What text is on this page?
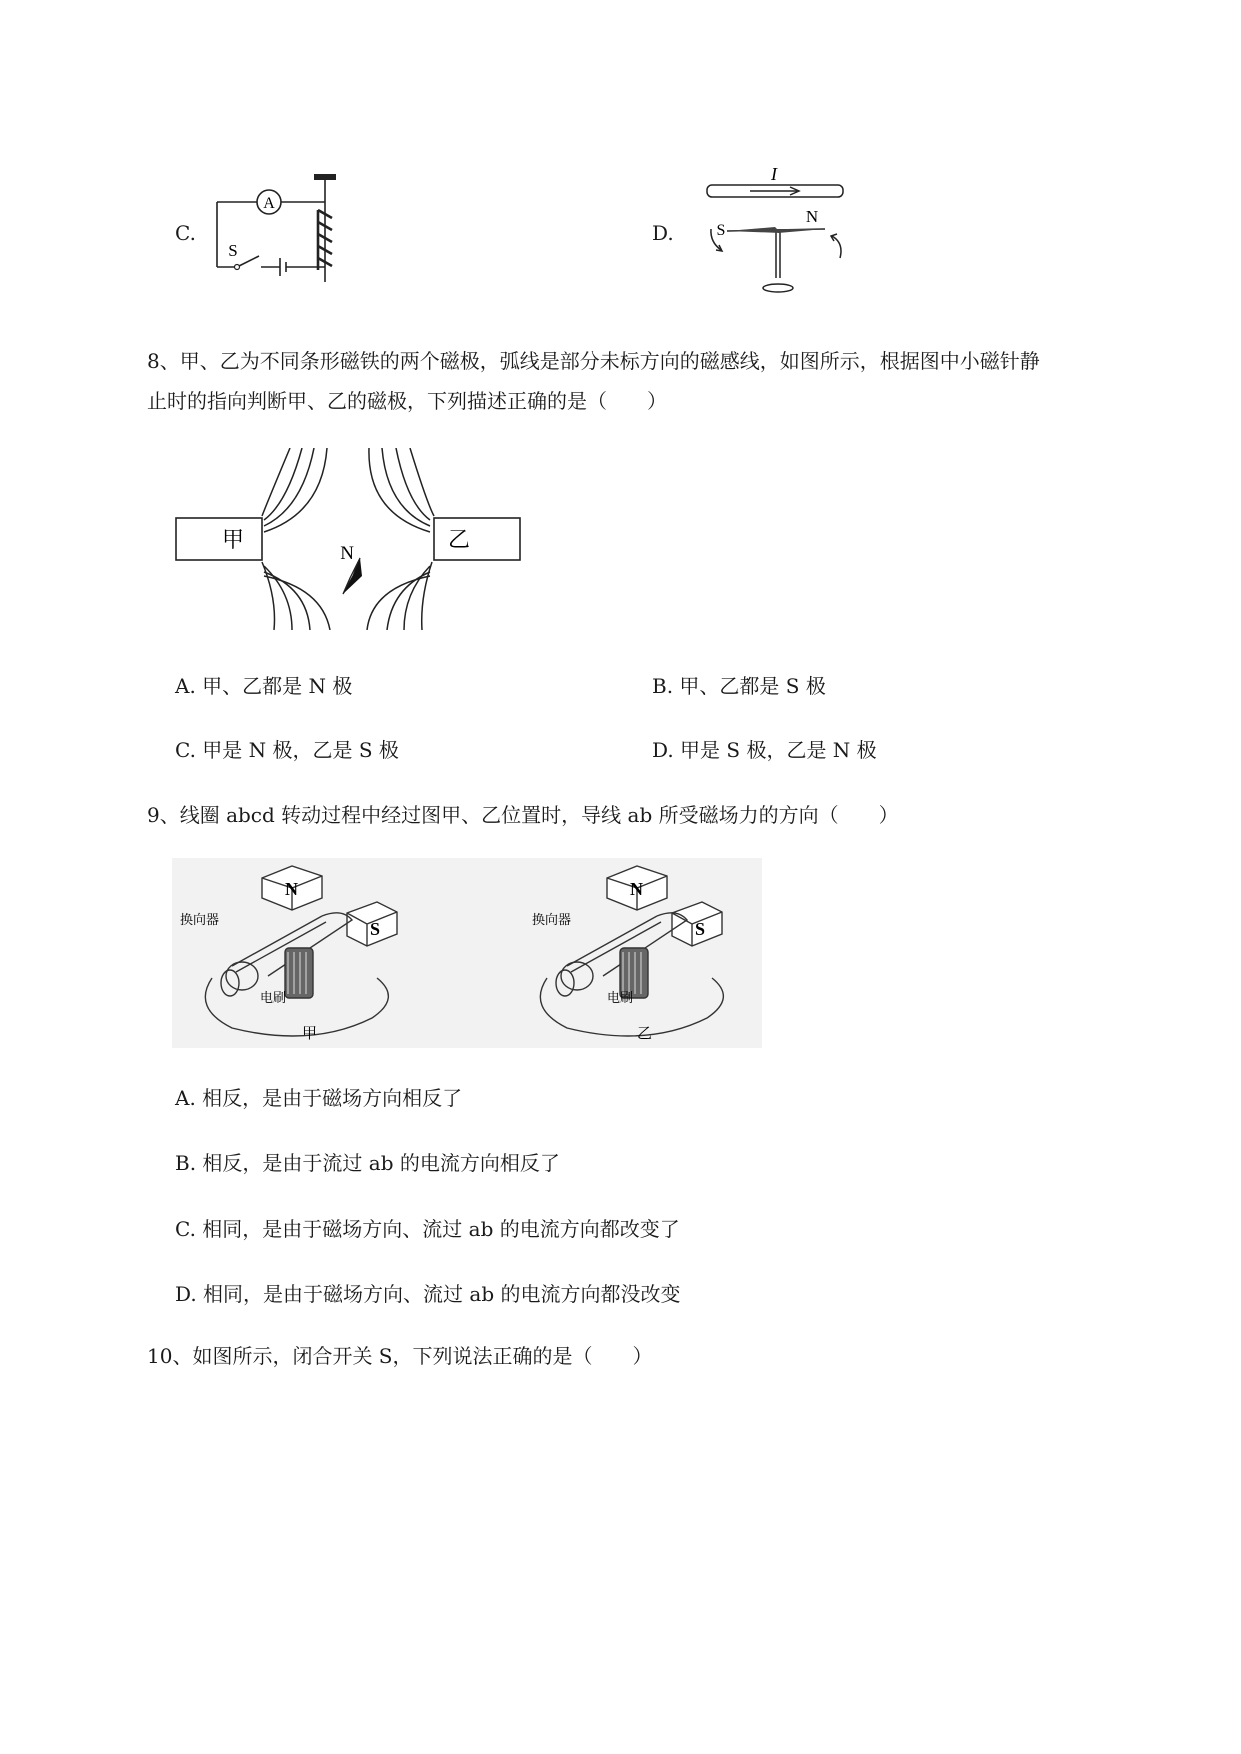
C.
A
S
D.
I
S
N
8、甲、乙为不同条形磁铁的两个磁极，弧线是部分未标方向的磁感线，如图所示，根据图中小磁针静
止时的指向判断甲、乙的磁极，下列描述正确的是（　　）
甲	乙
N
A. 甲、乙都是 N 极	B. 甲、乙都是 S 极
C. 甲是 N 极，乙是 S 极	D. 甲是 S 极，乙是 N 极
9、线圈 abcd 转动过程中经过图甲、乙位置时，导线 ab 所受磁场力的方向（　　）
N
S
换向器
电刷
甲
N
S
换向器
电刷
乙
A. 相反，是由于磁场方向相反了
B. 相反，是由于流过 ab 的电流方向相反了
C. 相同，是由于磁场方向、流过 ab 的电流方向都改变了
D. 相同，是由于磁场方向、流过 ab 的电流方向都没改变
10、如图所示，闭合开关 S，下列说法正确的是（　　）
